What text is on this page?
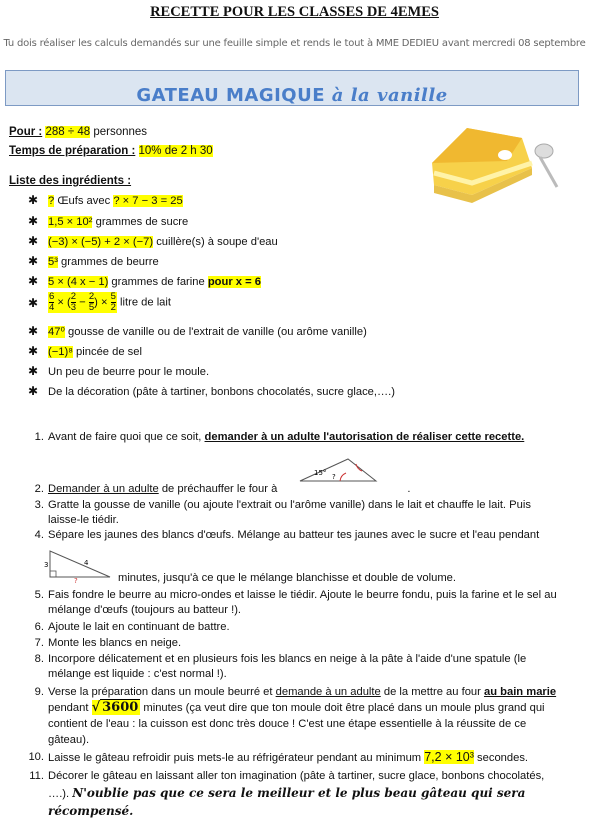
RECETTE POUR LES CLASSES DE 4EMES
Tu dois réaliser les calculs demandés sur une feuille simple et rends le tout à MME DEDIEU avant mercredi 08 septembre
GATEAU MAGIQUE à la vanille
Pour : 288 ÷ 48 personnes
Temps de préparation : 10% de 2 h 30
Liste des ingrédients :
✱ ? Œufs avec ? × 7 − 3 = 25
✱ 1,5 × 10² grammes de sucre
✱ (−3) × (−5) + 2 × (−7) cuillère(s) à soupe d'eau
✱ 5³ grammes de beurre
✱ 5 × (4 x − 1) grammes de farine pour x = 6
✱ $\frac{6}{4}$ × ( $\frac{2}{3} - \frac{2}{5}$ ) × $\frac{5}{2}$ litre de lait
✱ 47⁰ gousse de vanille ou de l'extrait de vanille (ou arôme vanille)
✱ (−1)⁸ pincée de sel
✱ Un peu de beurre pour le moule.
✱ De la décoration (pâte à tartiner, bonbons chocolatés, sucre glace,….)
1. Avant de faire quoi que ce soit, demander à un adulte l'autorisation de réaliser cette recette.
15° ?
2. Demander à un adulte de préchauffer le four à	.
3. Gratte la gousse de vanille (ou ajoute l'extrait ou l'arôme vanille) dans le lait et chauffe le lait. Puis laisse-le tiédir.
4. Sépare les jaunes des blancs d'œufs. Mélange au batteur tes jaunes avec le sucre et l'eau pendant
3	4
?	minutes, jusqu'à ce que le mélange blanchisse et double de volume.
5. Fais fondre le beurre au micro-ondes et laisse le tiédir. Ajoute le beurre fondu, puis la farine et le sel au mélange d'œufs (toujours au batteur !).
6. Ajoute le lait en continuant de battre.
7. Monte les blancs en neige.
8. Incorpore délicatement et en plusieurs fois les blancs en neige à la pâte à l'aide d'une spatule (le mélange est liquide : c'est normal !).
9. Verse la préparation dans un moule beurré et demande à un adulte de la mettre au four au bain marie pendant √ 3600 minutes (ça veut dire que ton moule doit être placé dans un moule plus grand qui contient de l'eau : la cuisson est donc très douce ! C'est une étape essentielle à la réussite de ce gâteau).
10. Laisse le gâteau refroidir puis mets-le au réfrigérateur pendant au minimum 7,2 × 10³ secondes.
11. Décorer le gâteau en laissant aller ton imagination (pâte à tartiner, sucre glace, bonbons chocolatés, ….). N'oublie pas que ce sera le meilleur et le plus beau gâteau qui sera récompensé.
